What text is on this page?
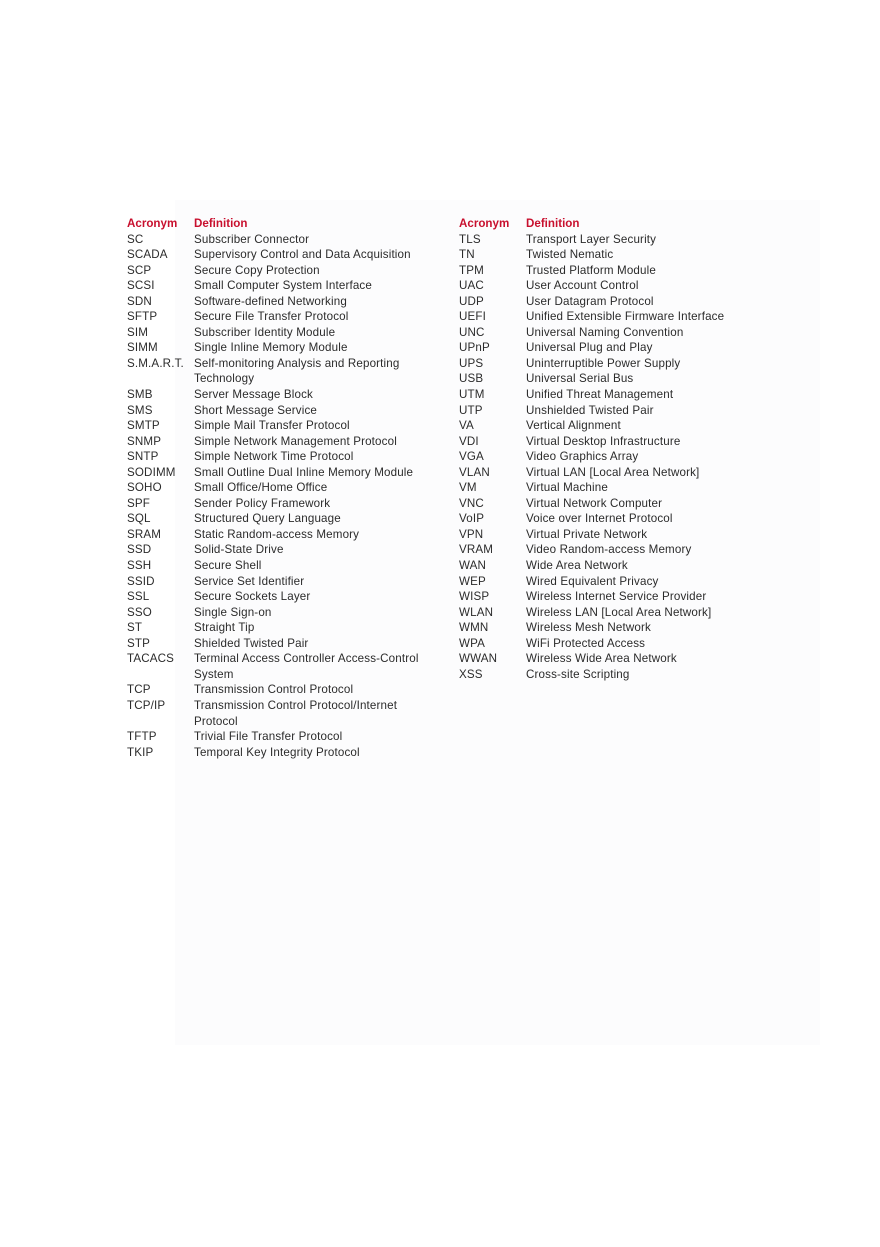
Acronym	Definition
SC	Subscriber Connector
SCADA	Supervisory Control and Data Acquisition
SCP	Secure Copy Protection
SCSI	Small Computer System Interface
SDN	Software-defined Networking
SFTP	Secure File Transfer Protocol
SIM	Subscriber Identity Module
SIMM	Single Inline Memory Module
S.M.A.R.T.	Self-monitoring Analysis and Reporting Technology
SMB	Server Message Block
SMS	Short Message Service
SMTP	Simple Mail Transfer Protocol
SNMP	Simple Network Management Protocol
SNTP	Simple Network Time Protocol
SODIMM	Small Outline Dual Inline Memory Module
SOHO	Small Office/Home Office
SPF	Sender Policy Framework
SQL	Structured Query Language
SRAM	Static Random-access Memory
SSD	Solid-State Drive
SSH	Secure Shell
SSID	Service Set Identifier
SSL	Secure Sockets Layer
SSO	Single Sign-on
ST	Straight Tip
STP	Shielded Twisted Pair
TACACS	Terminal Access Controller Access-Control System
TCP	Transmission Control Protocol
TCP/IP	Transmission Control Protocol/Internet Protocol
TFTP	Trivial File Transfer Protocol
TKIP	Temporal Key Integrity Protocol
Acronym	Definition
TLS	Transport Layer Security
TN	Twisted Nematic
TPM	Trusted Platform Module
UAC	User Account Control
UDP	User Datagram Protocol
UEFI	Unified Extensible Firmware Interface
UNC	Universal Naming Convention
UPnP	Universal Plug and Play
UPS	Uninterruptible Power Supply
USB	Universal Serial Bus
UTM	Unified Threat Management
UTP	Unshielded Twisted Pair
VA	Vertical Alignment
VDI	Virtual Desktop Infrastructure
VGA	Video Graphics Array
VLAN	Virtual LAN [Local Area Network]
VM	Virtual Machine
VNC	Virtual Network Computer
VoIP	Voice over Internet Protocol
VPN	Virtual Private Network
VRAM	Video Random-access Memory
WAN	Wide Area Network
WEP	Wired Equivalent Privacy
WISP	Wireless Internet Service Provider
WLAN	Wireless LAN [Local Area Network]
WMN	Wireless Mesh Network
WPA	WiFi Protected Access
WWAN	Wireless Wide Area Network
XSS	Cross-site Scripting
